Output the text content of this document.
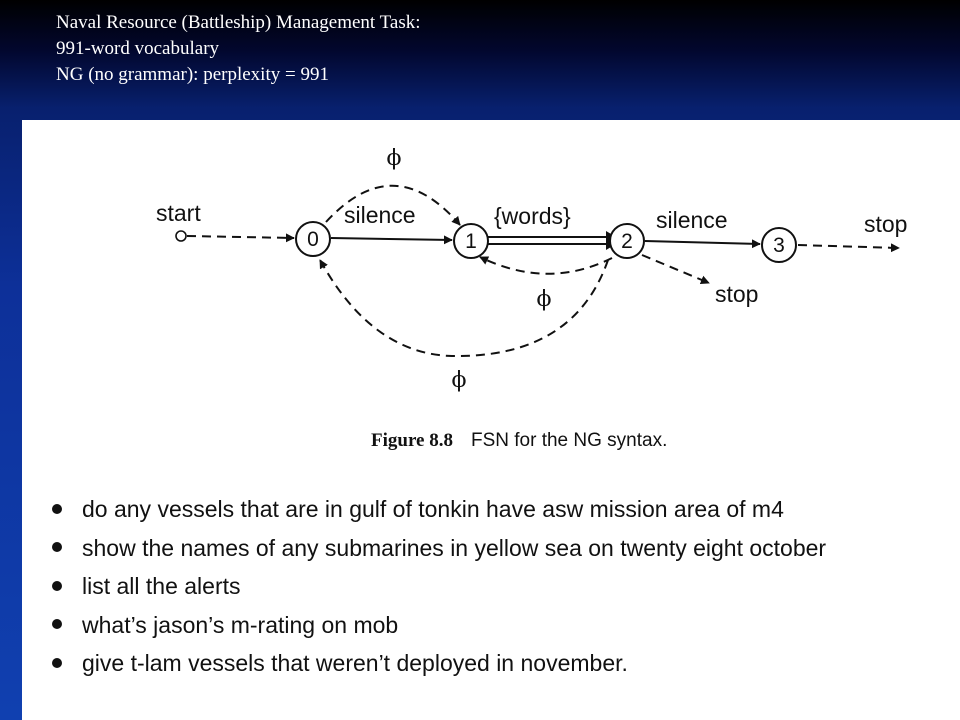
Naval Resource (Battleship) Management Task:
991-word vocabulary
NG (no grammar): perplexity = 991
0	1	2	3
start	silence	{words}	silence	stop
stop
ϕ
ϕ
ϕ
Figure 8.8 FSN for the NG syntax.
do any vessels that are in gulf of tonkin have asw mission area of m4
show the names of any submarines in yellow sea on twenty eight october
list all the alerts
what’s jason’s m-rating on mob
give t-lam vessels that weren’t deployed in november.
